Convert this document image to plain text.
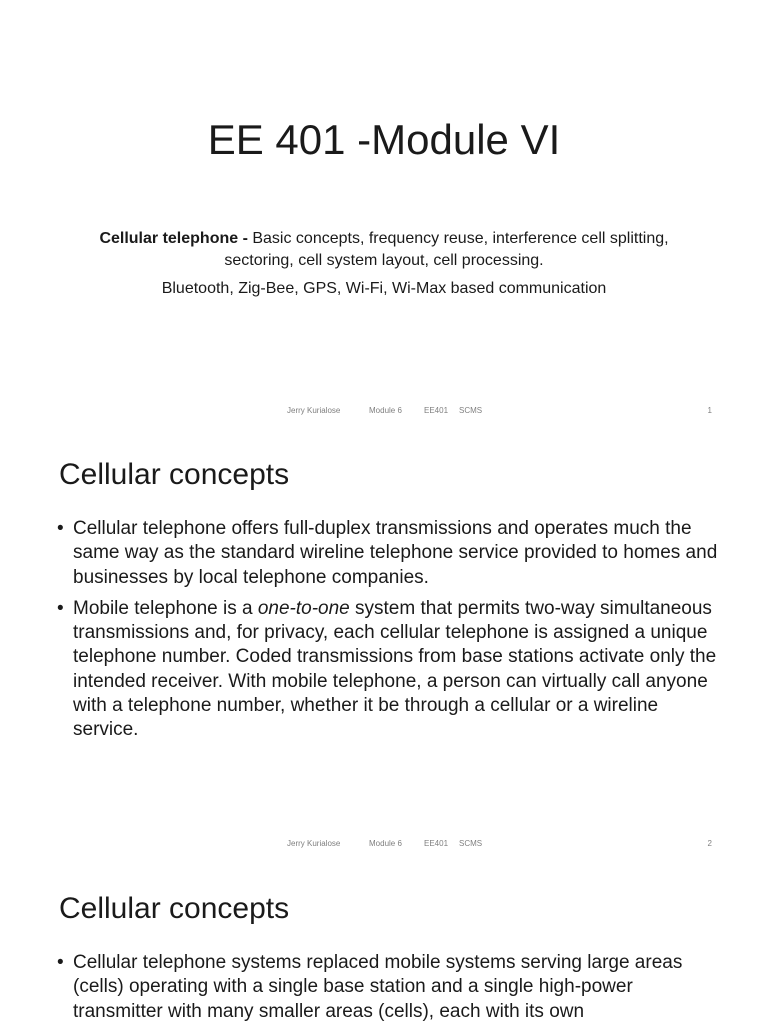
EE 401 -Module VI

Cellular telephone - Basic concepts, frequency reuse, interference cell splitting, sectoring, cell system layout, cell processing.

Bluetooth, Zig-Bee, GPS, Wi-Fi, Wi-Max based communication

Jerry Kurialose	Module 6	EE401	SCMS	1
Cellular concepts
• Cellular telephone offers full-duplex transmissions and operates much the same way as the standard wireline telephone service provided to homes and businesses by local telephone companies.
• Mobile telephone is a one-to-one system that permits two-way simultaneous transmissions and, for privacy, each cellular telephone is assigned a unique telephone number. Coded transmissions from base stations activate only the intended receiver. With mobile telephone, a person can virtually call anyone with a telephone number, whether it be through a cellular or a wireline service.
Jerry Kurialose	Module 6	EE401	SCMS	2
Cellular concepts
• Cellular telephone systems replaced mobile systems serving large areas (cells) operating with a single base station and a single high-power transmitter with many smaller areas (cells), each with its own
